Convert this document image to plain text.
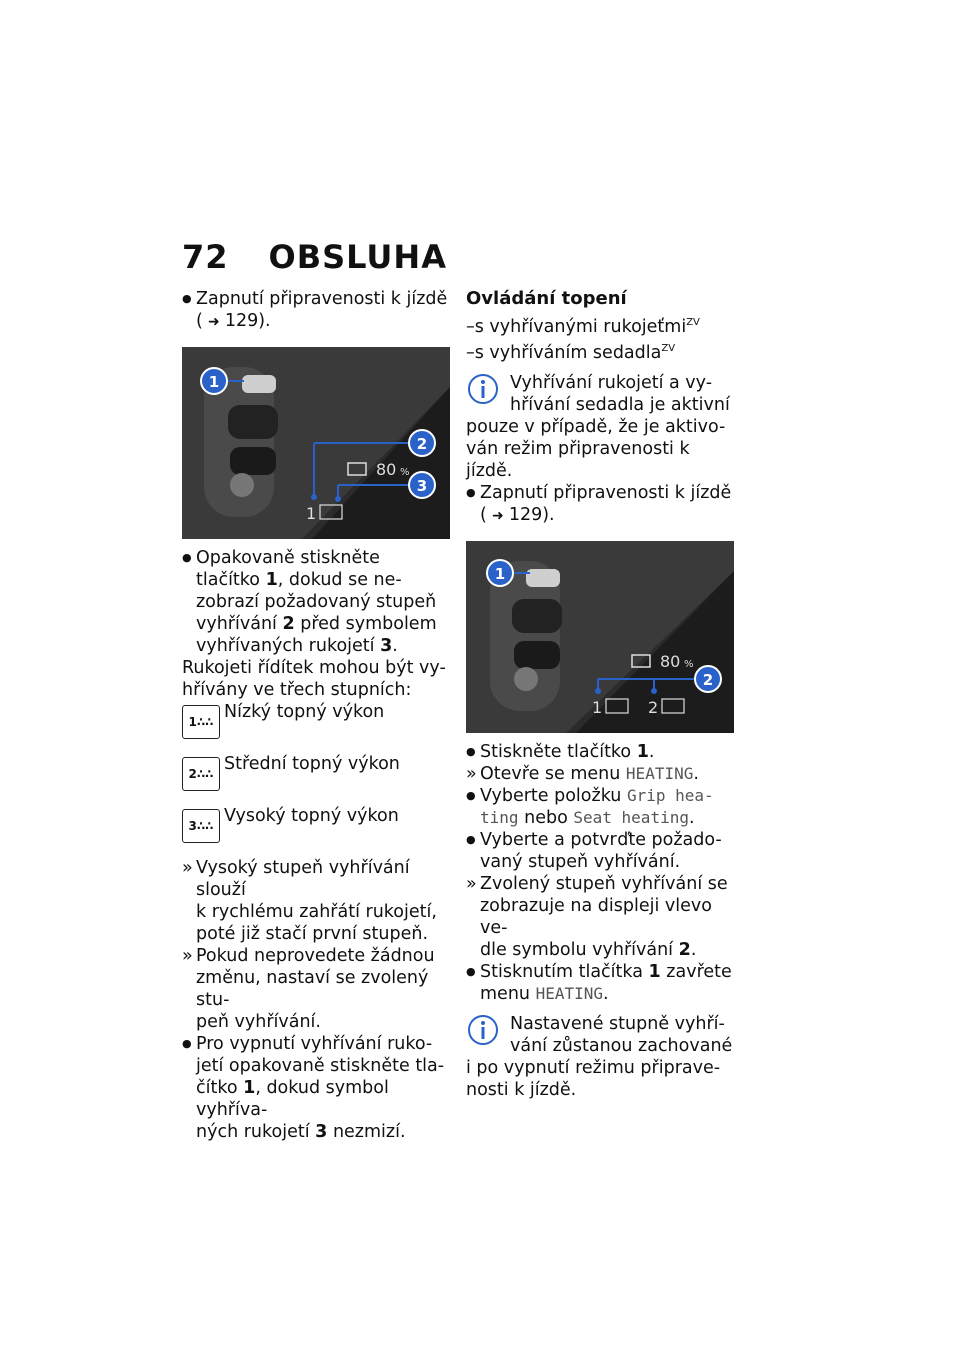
72 OBSLUHA
● Zapnutí připravenosti k jízdě
( ➜ 129).
1
2
3
80 %
1
● Opakovaně stiskněte
tlačítko 1, dokud se ne-
zobrazí požadovaný stupeň
vyhřívání 2 před symbolem
vyhřívaných rukojetí 3.
Rukojeti řídítek mohou být vy-
hřívány ve třech stupních:
1 ∴∴ Nízký topný výkon
2 ∴∴ Střední topný výkon
3 ∴∴ Vysoký topný výkon
» Vysoký stupeň vyhřívání slouží
k rychlému zahřátí rukojetí,
poté již stačí první stupeň.
» Pokud neprovedete žádnou
změnu, nastaví se zvolený stu-
peň vyhřívání.
● Pro vypnutí vyhřívání ruko-
jetí opakovaně stiskněte tla-
čítko 1, dokud symbol vyhříva-
ných rukojetí 3 nezmizí.
Ovládání topení
–s vyhřívanými rukojeťmi$^{ZV}$
–s vyhříváním sedadla$^{ZV}$
Vyhřívání rukojetí a vy-
hřívání sedadla je aktivní
pouze v případě, že je aktivo-
ván režim připravenosti k jízdě.
● Zapnutí připravenosti k jízdě
( ➜ 129).
1
2
80 %
1	2
● Stiskněte tlačítko 1.
» Otevře se menu HEATING.
● Vyberte položku Grip hea-
ting nebo Seat heating.
● Vyberte a potvrďte požado-
vaný stupeň vyhřívání.
» Zvolený stupeň vyhřívání se
zobrazuje na displeji vlevo ve-
dle symbolu vyhřívání 2.
● Stisknutím tlačítka 1 zavřete
menu HEATING.
Nastavené stupně vyhří-
vání zůstanou zachované
i po vypnutí režimu připrave-
nosti k jízdě.
